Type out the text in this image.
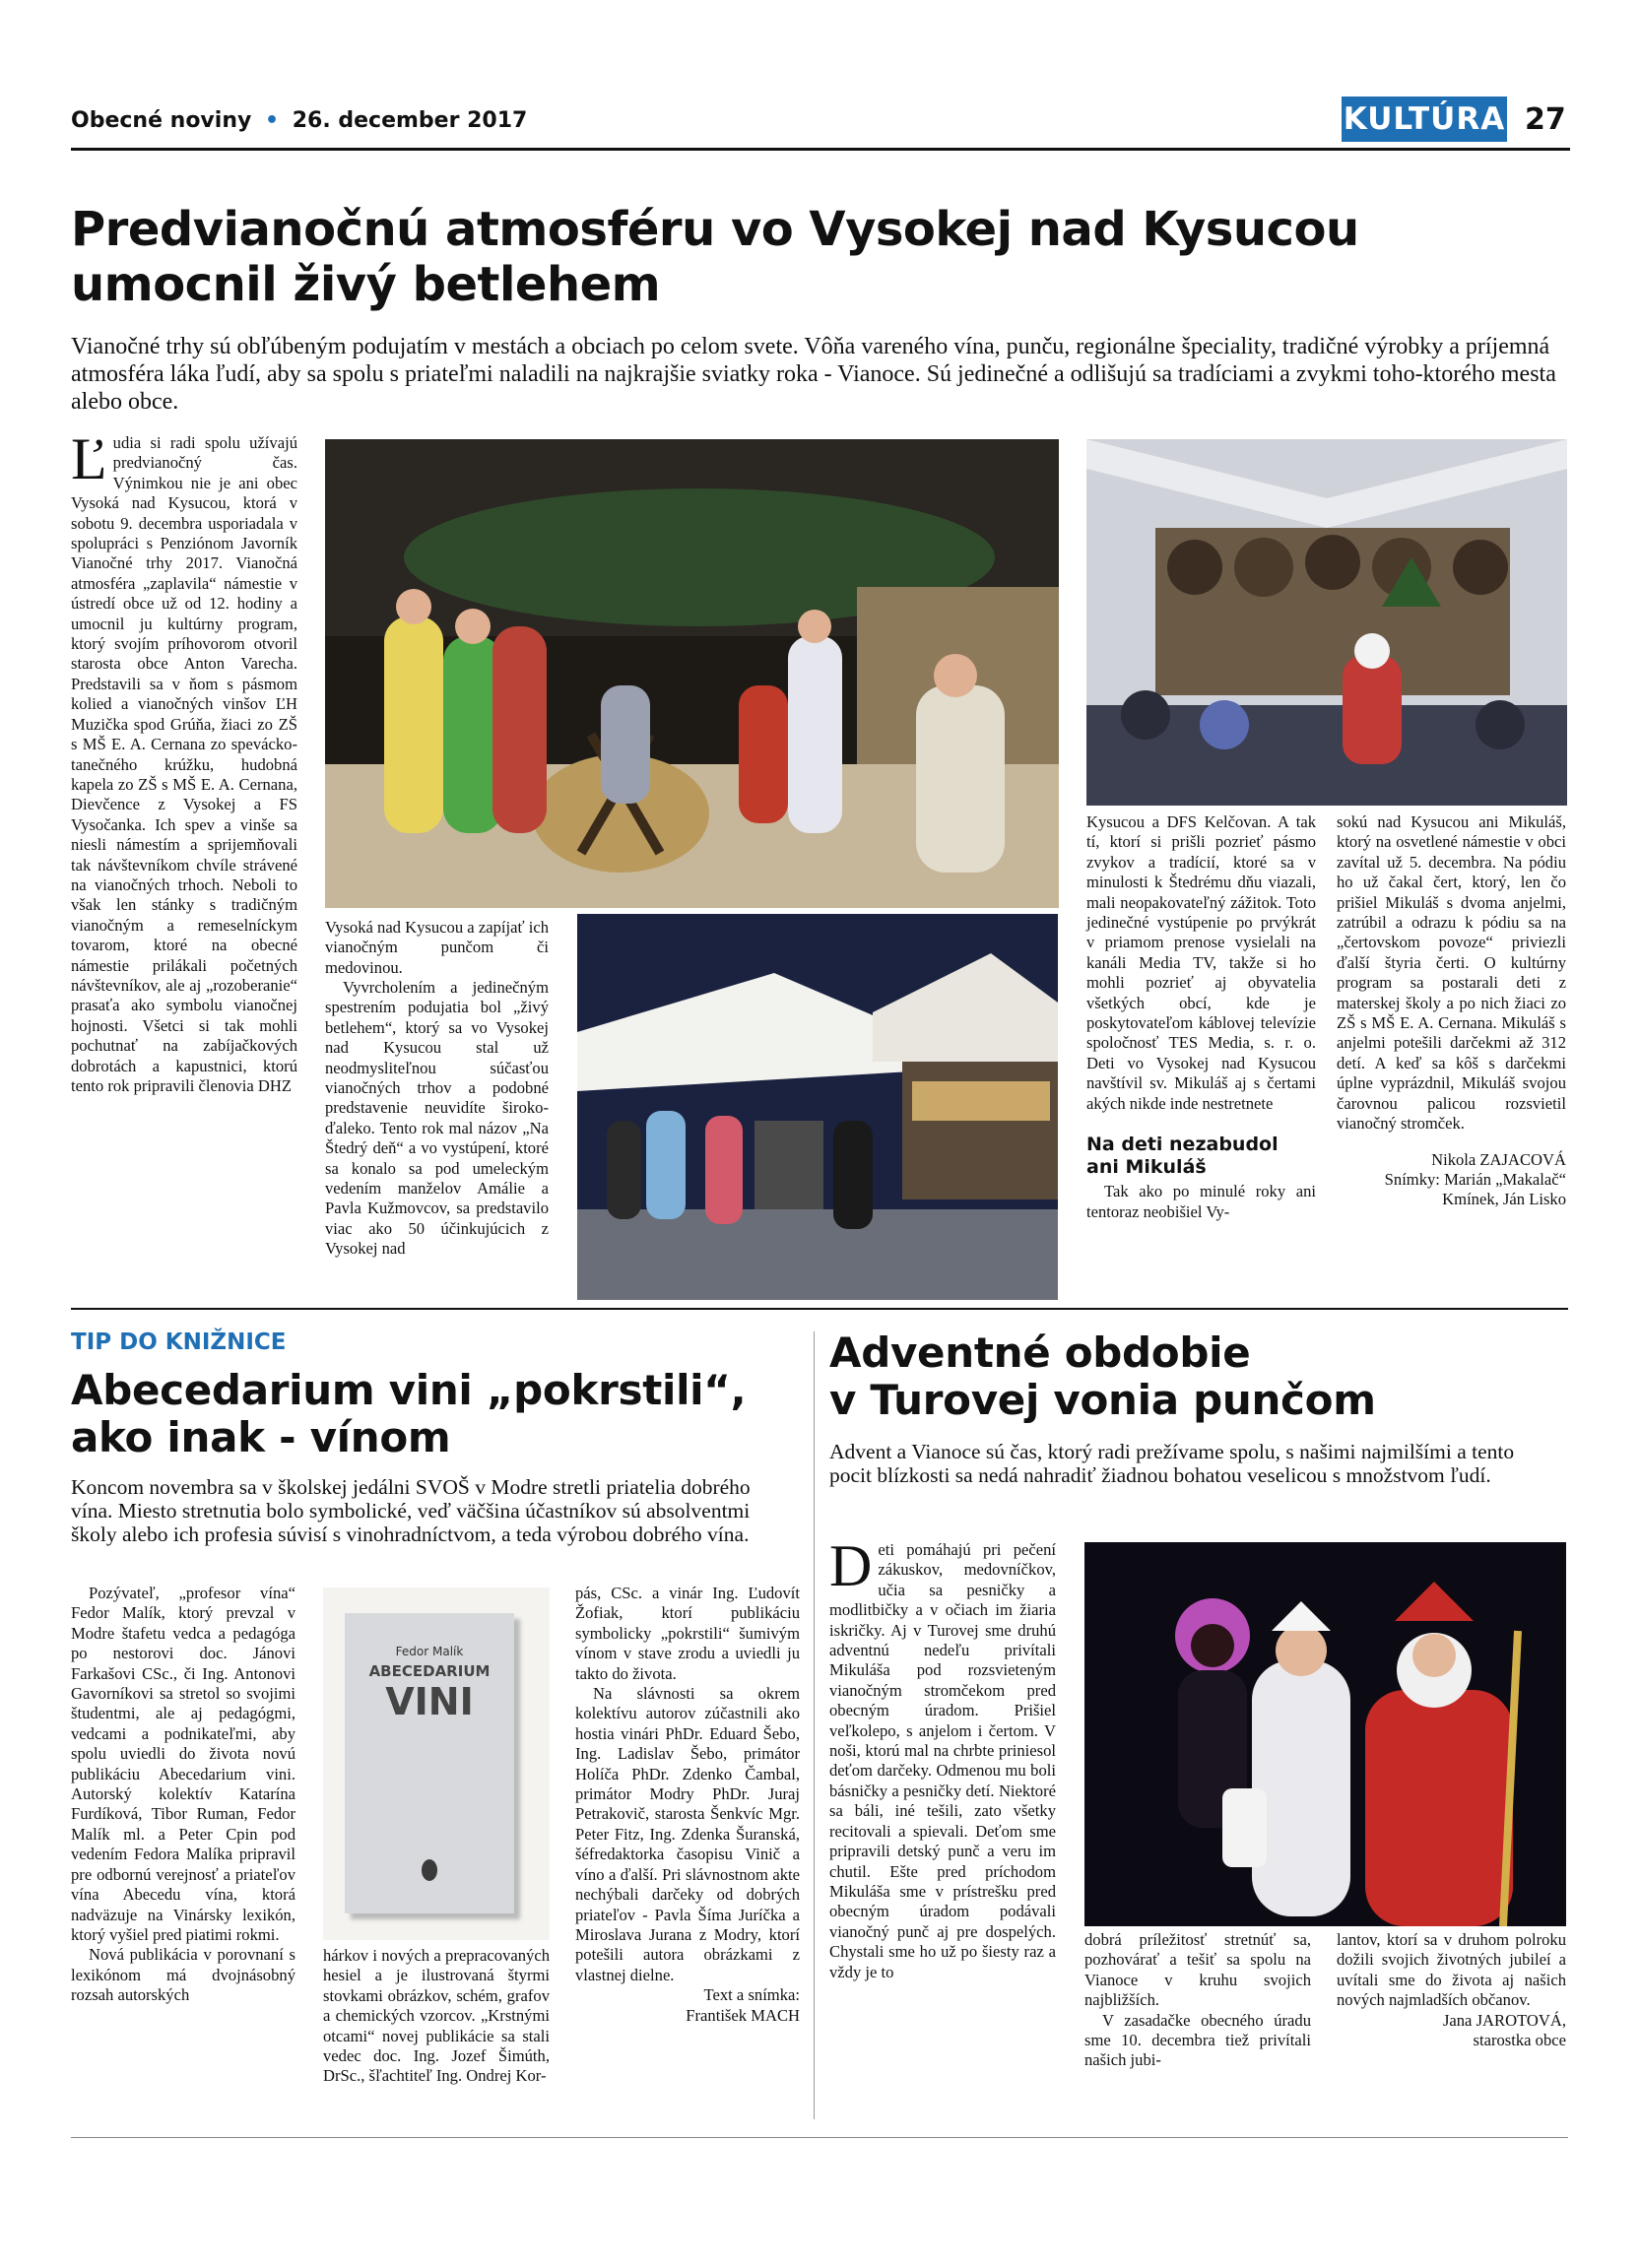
Obecné noviny • 26. december 2017	KULTÚRA 27
Predvianočnú atmosféru vo Vysokej nad Kysucou
umocnil živý betlehem
Vianočné trhy sú obľúbeným podujatím v mestách a obciach po celom svete. Vôňa vareného vína, punču, regionálne špeciality, tradičné výrobky a príjemná atmosféra láka ľudí, aby sa spolu s priateľmi naladili na najkrajšie sviatky roka - Vianoce. Sú jedinečné a odlišujú sa tradíciami a zvykmi toho-ktorého mesta alebo obce.
Ľ udia si radi spolu užívajú predvianočný čas. Výnimkou nie je ani obec Vysoká nad Kysucou, ktorá v sobotu 9. decembra usporiadala v spolupráci s Penziónom Javorník Vianočné trhy 2017. Vianočná atmosféra „zaplavila“ námestie v ústredí obce už od 12. hodiny a umocnil ju kultúrny program, ktorý svojím príhovorom otvoril starosta obce Anton Varecha. Predstavili sa v ňom s pásmom kolied a vianočných vinšov ĽH Muzička spod Grúňa, žiaci zo ZŠ s MŠ E. A. Cernana zo spevácko-tanečného krúžku, hudobná kapela zo ZŠ s MŠ E. A. Cernana, Dievčence z Vysokej a FS Vysočanka. Ich spev a vinše sa niesli námestím a sprijemňovali tak návštevníkom chvíle strávené na vianočných trhoch. Neboli to však len stánky s tradičným vianočným a remeselníckym tovarom, ktoré na obecné námestie prilákali početných návštevníkov, ale aj „rozoberanie“ prasaťa ako symbolu vianočnej hojnosti. Všetci si tak mohli pochutnať na zabíjačkových dobrotách a kapustnici, ktorú tento rok pripravili členovia DHZ

Vysoká nad Kysucou a zapíjať ich vianočným punčom či medovinou.

Vyvrcholením a jedinečným spestrením podujatia bol „živý betlehem“, ktorý sa vo Vysokej nad Kysucou stal už neodmysliteľnou súčasťou vianočných trhov a podobné predstavenie neuvidíte široko-ďaleko. Tento rok mal názov „Na Štedrý deň“ a vo vystúpení, ktoré sa konalo sa pod umeleckým vedením manželov Amálie a Pavla Kužmovcov, sa predstavilo viac ako 50 účinkujúcich z Vysokej nad

Kysucou a DFS Kelčovan. A tak tí, ktorí si prišli pozrieť pásmo zvykov a tradícií, ktoré sa v minulosti k Štedrému dňu viazali, mali neopakovateľný zážitok. Toto jedinečné vystúpenie po prvýkrát v priamom prenose vysielali na kanáli Media TV, takže si ho mohli pozrieť aj obyvatelia všetkých obcí, kde je poskytovateľom káblovej televízie spoločnosť TES Media, s. r. o. Deti vo Vysokej nad Kysucou navštívil sv. Mikuláš aj s čertami akých nikde inde nestretnete

Na deti nezabudol ani Mikuláš

Tak ako po minulé roky ani tentoraz neobišiel Vy-

sokú nad Kysucou ani Mikuláš, ktorý na osvetlené námestie v obci zavítal už 5. decembra. Na pódiu ho už čakal čert, ktorý, len čo prišiel Mikuláš s dvoma anjelmi, zatrúbil a odrazu k pódiu sa na „čertovskom povoze“ priviezli ďalší štyria čerti. O kultúrny program sa postarali deti z materskej školy a po nich žiaci zo ZŠ s MŠ E. A. Cernana. Mikuláš s anjelmi potešili darčekmi až 312 detí. A keď sa kôš s darčekmi úplne vyprázdnil, Mikuláš svojou čarovnou palicou rozsvietil vianočný stromček.

Nikola ZAJACOVÁ
Snímky: Marián „Makalač“ Kmínek, Ján Lisko
TIP DO KNIŽNICE
Abecedarium vini „pokrstili“,
ako inak - vínom
Koncom novembra sa v školskej jedálni SVOŠ v Modre stretli priatelia dobrého vína. Miesto stretnutia bolo symbolické, veď väčšina účastníkov sú absolventmi školy alebo ich profesia súvisí s vinohradníctvom, a teda výrobou dobrého vína.

Pozývateľ, „profesor vína“ Fedor Malík, ktorý prevzal v Modre štafetu vedca a pedagóga po nestorovi doc. Jánovi Farkašovi CSc., či Ing. Antonovi Gavorníkovi sa stretol so svojimi študentmi, ale aj pedagógmi, vedcami a podnikateľmi, aby spolu uviedli do života novú publikáciu Abecedarium vini. Autorský kolektív Katarína Furdíková, Tibor Ruman, Fedor Malík ml. a Peter Cpin pod vedením Fedora Malíka pripravil pre odbornú verejnosť a priateľov vína Abecedu vína, ktorá nadväzuje na Vinársky lexikón, ktorý vyšiel pred piatimi rokmi.

Nová publikácia v porovnaní s lexikónom má dvojnásobný rozsah autorských

Fedor Malík
ABECEDARIUM
VINI

hárkov i nových a prepracovaných hesiel a je ilustrovaná štyrmi stovkami obrázkov, schém, grafov a chemických vzorcov. „Krstnými otcami“ novej publikácie sa stali vedec doc. Ing. Jozef Šimúth, DrSc., šľachtiteľ Ing. Ondrej Kor-

pás, CSc. a vinár Ing. Ľudovít Žofiak, ktorí publikáciu symbolicky „pokrstili“ šumivým vínom v stave zrodu a uviedli ju takto do života.

Na slávnosti sa okrem kolektívu autorov zúčastnili ako hostia vinári PhDr. Eduard Šebo, Ing. Ladislav Šebo, primátor Holíča PhDr. Zdenko Čambal, primátor Modry PhDr. Juraj Petrakovič, starosta Šenkvíc Mgr. Peter Fitz, Ing. Zdenka Šuranská, šéfredaktorka časopisu Vinič a víno a ďalší. Pri slávnostnom akte nechýbali darčeky od dobrých priateľov - Pavla Šíma Juríčka a Miroslava Jurana z Modry, ktorí potešili autora obrázkami z vlastnej dielne.

Text a snímka:
František MACH
Adventné obdobie
v Turovej vonia punčom
Advent a Vianoce sú čas, ktorý radi prežívame spolu, s našimi najmilšími a tento pocit blízkosti sa nedá nahradiť žiadnou bohatou veselicou s množstvom ľudí.
D eti pomáhajú pri pečení zákuskov, medovníčkov, učia sa pesničky a modlitbičky a v očiach im žiaria iskričky. Aj v Turovej sme druhú adventnú nedeľu privítali Mikuláša pod rozsvieteným vianočným stromčekom pred obecným úradom. Prišiel veľkolepo, s anjelom i čertom. V noši, ktorú mal na chrbte priniesol deťom darčeky. Odmenou mu boli básničky a pesničky detí. Niektoré sa báli, iné tešili, zato všetky recitovali a spievali. Deťom sme pripravili detský punč a veru im chutil. Ešte pred príchodom Mikuláša sme v prístrešku pred obecným úradom podávali vianočný punč aj pre dospelých. Chystali sme ho už po šiesty raz a vždy je to

dobrá príležitosť stretnúť sa, pozhovárať a tešiť sa spolu na Vianoce v kruhu svojich najbližších.

V zasadačke obecného úradu sme 10. decembra tiež privítali našich jubi-

lantov, ktorí sa v druhom polroku dožili svojich životných jubileí a uvítali sme do života aj našich nových najmladších občanov.

Jana JAROTOVÁ,
starostka obce
